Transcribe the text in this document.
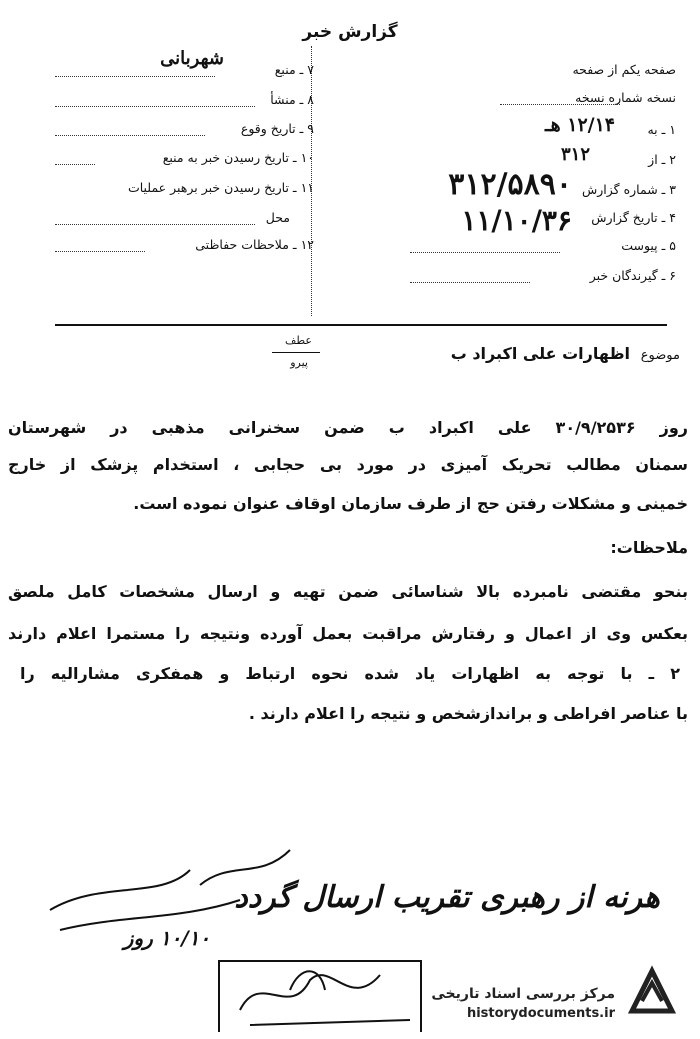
گزارش خبر
صفحه یکم از صفحه
نسخه شماره نسخه
۱ ـ به
۱۲/۱۴ هـ
۲ ـ از
۳۱۲
۳ ـ شماره گزارش
۳۱۲/۵۸۹۰
۴ ـ تاریخ گزارش
۱۱/۱۰/۳۶
۵ ـ پیوست
۶ ـ گیرندگان خبر
شهربانی
۷ ـ منبع
۸ ـ منشأ
۹ ـ تاریخ وقوع
۱۰ ـ تاریخ رسیدن خبر به منبع
۱۱ ـ تاریخ رسیدن خبر برهبر عملیات
محل
۱۲ ـ ملاحظات حفاظتی
عطف
پیرو	موضوع
اظهارات علی اکبراد ب
روز ۳۰/۹/۲۵۳۶ علی اکبراد ب ضمن سخنرانی مذهبی در شهرستان
سمنان مطالب تحریک آمیزی در مورد بی حجابی ، استخدام پزشک از خارج
خمینی و مشکلات رفتن حج از طرف سازمان اوقاف عنوان نموده است.
ملاحظات:
بنحو مقتضی نامبرده بالا شناسائی ضمن تهیه و ارسال مشخصات کامل ملصق
بعکس وی از اعمال و رفتارش مراقبت بعمل آورده ونتیجه را مستمرا اعلام دارند
۲ ـ با توجه به اظهارات یاد شده نحوه ارتباط و همفکری مشارالیه را
با عناصر افراطی و براندازشخص و نتیجه را اعلام دارند .
هرنه از رهبری تقریب ارسال گردد
۱۰/۱۰ روز
مرکز بررسی اسناد تاریخی
historydocuments.ir
